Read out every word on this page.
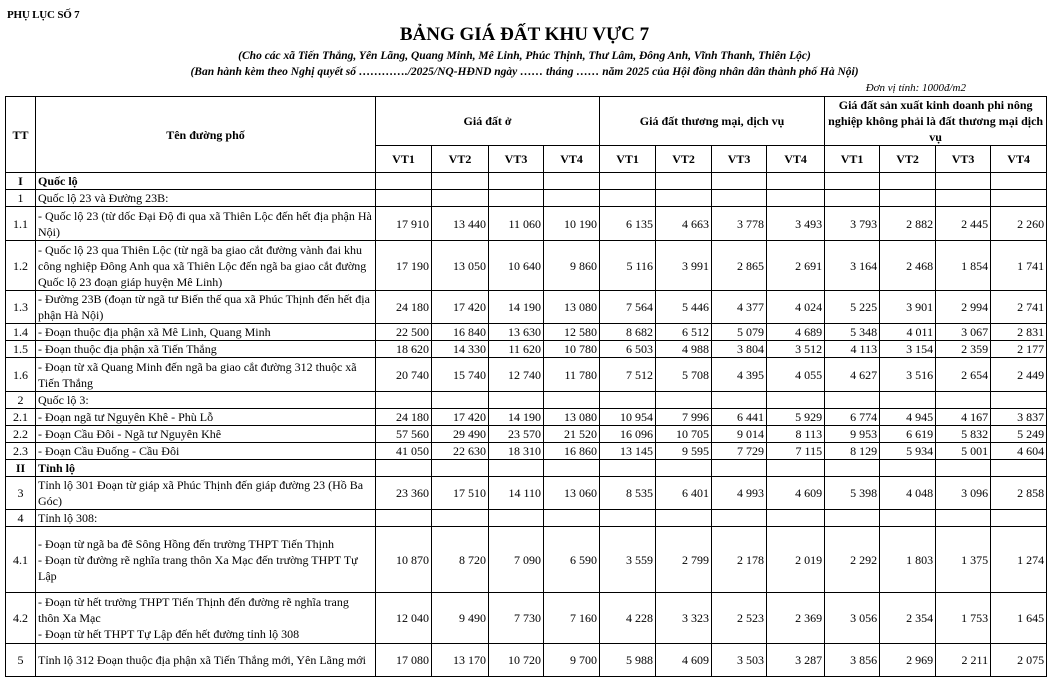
PHỤ LỤC SỐ 7
BẢNG GIÁ ĐẤT KHU VỰC 7
(Cho các xã Tiến Thắng, Yên Lãng, Quang Minh, Mê Linh, Phúc Thịnh, Thư Lâm, Đông Anh, Vĩnh Thanh, Thiên Lộc)
(Ban hành kèm theo Nghị quyết số …………./2025/NQ-HĐND ngày …… tháng …… năm 2025 của Hội đồng nhân dân thành phố Hà Nội)
Đơn vị tính: 1000đ/m2
TT	Tên đường phố	Giá đất ở				Giá đất thương mại, dịch vụ				Giá đất sản xuất kinh doanh phi nông nghiệp không phải là đất thương mại dịch vụ			
		VT1	VT2	VT3	VT4	VT1	VT2	VT3	VT4	VT1	VT2	VT3	VT4
I	Quốc lộ												
1	Quốc lộ 23 và Đường 23B:												
1.1	- Quốc lộ 23 (từ dốc Đại Độ đi qua xã Thiên Lộc đến hết địa phận Hà Nội)	17 910	13 440	11 060	10 190	6 135	4 663	3 778	3 493	3 793	2 882	2 445	2 260
1.2	- Quốc lộ 23 qua Thiên Lộc (từ ngã ba giao cắt đường vành đai khu công nghiệp Đông Anh qua xã Thiên Lộc đến ngã ba giao cắt đường Quốc lộ 23 đoạn giáp huyện Mê Linh)	17 190	13 050	10 640	9 860	5 116	3 991	2 865	2 691	3 164	2 468	1 854	1 741
1.3	- Đường 23B (đoạn từ ngã tư Biến thế qua xã Phúc Thịnh đến hết địa phận Hà Nội)	24 180	17 420	14 190	13 080	7 564	5 446	4 377	4 024	5 225	3 901	2 994	2 741
1.4	- Đoạn thuộc địa phận xã Mê Linh, Quang Minh	22 500	16 840	13 630	12 580	8 682	6 512	5 079	4 689	5 348	4 011	3 067	2 831
1.5	- Đoạn thuộc địa phận xã Tiến Thắng	18 620	14 330	11 620	10 780	6 503	4 988	3 804	3 512	4 113	3 154	2 359	2 177
1.6	- Đoạn từ xã Quang Minh đến ngã ba giao cắt đường 312 thuộc xã Tiến Thắng	20 740	15 740	12 740	11 780	7 512	5 708	4 395	4 055	4 627	3 516	2 654	2 449
2	Quốc lộ 3:												
2.1	- Đoạn ngã tư Nguyên Khê - Phù Lỗ	24 180	17 420	14 190	13 080	10 954	7 996	6 441	5 929	6 774	4 945	4 167	3 837
2.2	- Đoạn Cầu Đôi - Ngã tư Nguyên Khê	57 560	29 490	23 570	21 520	16 096	10 705	9 014	8 113	9 953	6 619	5 832	5 249
2.3	- Đoạn Cầu Đuống - Cầu Đôi	41 050	22 630	18 310	16 860	13 145	9 595	7 729	7 115	8 129	5 934	5 001	4 604
II	Tỉnh lộ												
3	Tỉnh lộ 301 Đoạn từ giáp xã Phúc Thịnh đến giáp đường 23 (Hồ Ba Góc)	23 360	17 510	14 110	13 060	8 535	6 401	4 993	4 609	5 398	4 048	3 096	2 858
4	Tỉnh lộ 308:												
4.1	- Đoạn từ ngã ba đê Sông Hồng đến trường THPT Tiến Thịnh
- Đoạn từ đường rẽ nghĩa trang thôn Xa Mạc đến trường THPT Tự Lập	10 870	8 720	7 090	6 590	3 559	2 799	2 178	2 019	2 292	1 803	1 375	1 274
4.2	- Đoạn từ hết trường THPT Tiến Thịnh đến đường rẽ nghĩa trang thôn Xa Mạc
- Đoạn từ hết THPT Tự Lập đến hết đường tỉnh lộ 308	12 040	9 490	7 730	7 160	4 228	3 323	2 523	2 369	3 056	2 354	1 753	1 645
5	Tỉnh lộ 312 Đoạn thuộc địa phận xã Tiến Thắng mới, Yên Lãng mới	17 080	13 170	10 720	9 700	5 988	4 609	3 503	3 287	3 856	2 969	2 211	2 075
